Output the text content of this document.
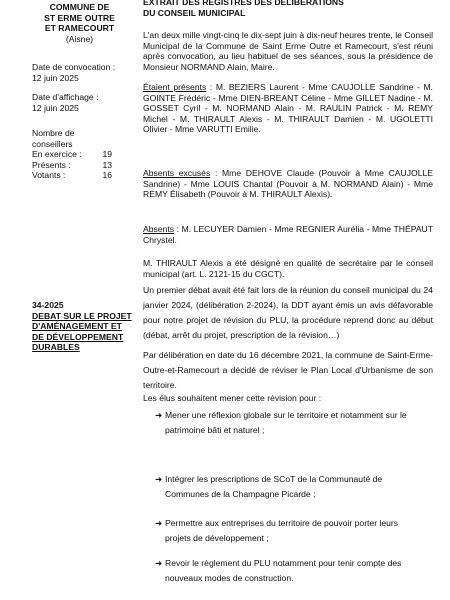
COMMUNE DE
ST ERME OUTRE
ET RAMECOURT
(Aisne)
Date de convocation :
12 juin 2025
Date d'affichage :
12 juin 2025
Nombre de
conseillers
En exercice :	19
Présents :	13
Votants :	16
34-2025
DEBAT SUR LE PROJET D'AMÉNAGEMENT ET DE DÉVELOPPEMENT DURABLES
EXTRAIT DES REGISTRES DES DELIBERATIONS
DU CONSEIL MUNICIPAL

L'an deux mille vingt-cinq le dix-sept juin à dix-neuf heures trente, le Conseil Municipal de la Commune de Saint Erme Outre et Ramecourt, s'est réuni après convocation, au lieu habituel de ses séances, sous la présidence de Monsieur NORMAND Alain, Maire.

Étaient présents : M. BEZIERS Laurent - Mme CAUJOLLE Sandrine - M. GOINTE Frédéric - Mme DIEN-BREANT Céline - Mme GILLET Nadine - M. GOSSET Cyril - M. NORMAND Alain - M. RAULIN Patrick - M. REMY Michel - M. THIRAULT Alexis - M. THIRAULT Damien - M. UGOLETTI Olivier - Mme VARUTTI Emilie.

Absents excusés : Mme DEHOVE Claude (Pouvoir à Mme CAUJOLLE Sandrine) - Mme LOUIS Chantal (Pouvoir à M. NORMAND Alain) - Mme REMY Élisabeth (Pouvoir à M. THIRAULT Alexis).

Absents : M. LECUYER Damien - Mme REGNIER Aurélia - Mme THÉPAUT Chrystel.

M. THIRAULT Alexis a été désigné en qualité de secrétaire par le conseil municipal (art. L. 2121-15 du CGCT).

Un premier débat avait été fait lors de la réunion du conseil municipal du 24 janvier 2024, (délibération 2-2024), la DDT ayant émis un avis défavorable pour notre projet de révision du PLU, la procédure reprend donc au début (débat, arrêt du projet, prescription de la révision…)

Par délibération en date du 16 décembre 2021, la commune de Saint-Erme-Outre-et-Ramecourt a décidé de réviser le Plan Local d'Urbanisme de son territoire.

Les élus souhaitent mener cette révision pour :

➜ Mener une réflexion globale sur le territoire et notamment sur le patrimoine bâti et naturel ;
➜ Intégrer les prescriptions de SCoT de la Communauté de Communes de la Champagne Picarde ;
➜ Permettre aux entreprises du territoire de pouvoir porter leurs projets de développement ;
➜ Revoir le règlement du PLU notamment pour tenir compte des nouveaux modes de construction.
